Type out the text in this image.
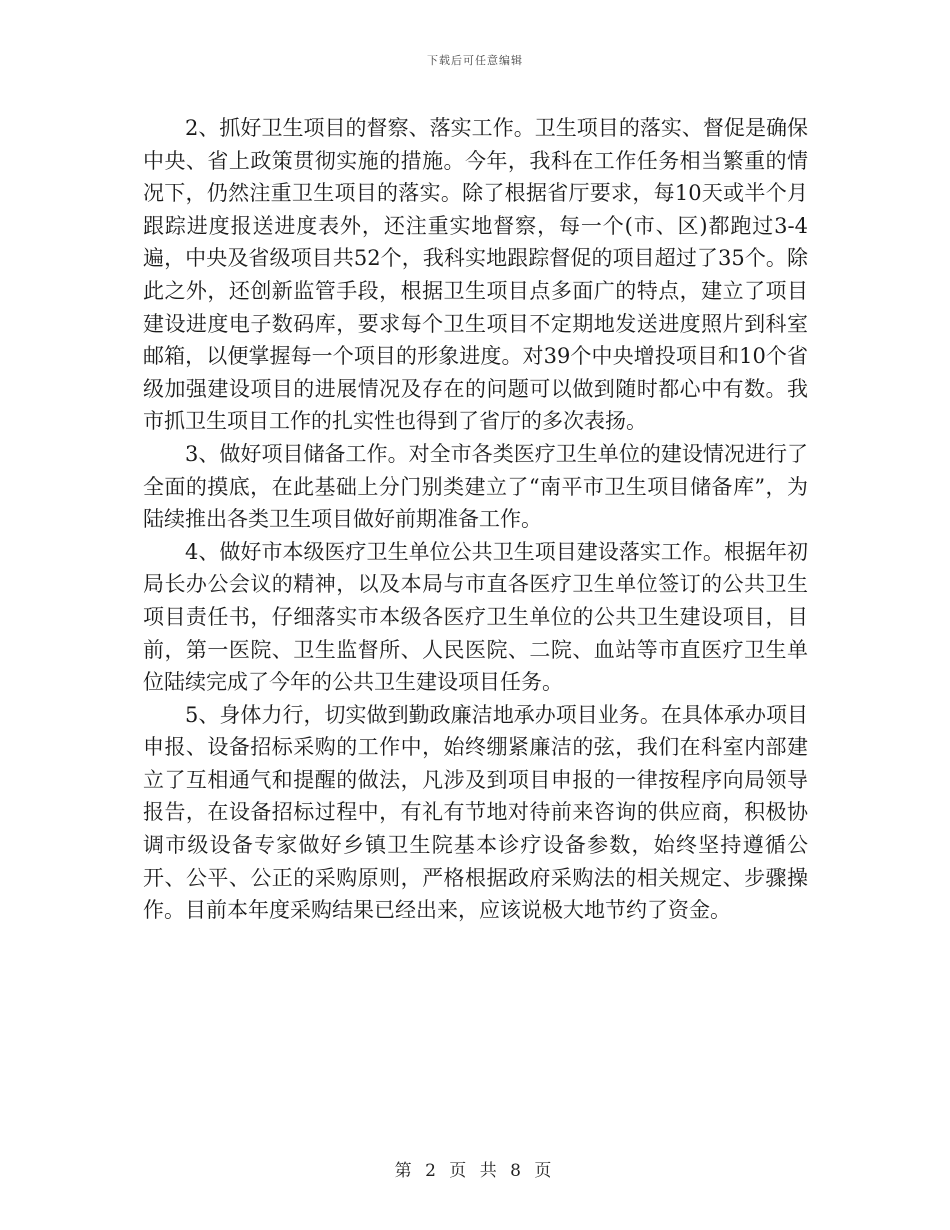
下载后可任意编辑

2、抓好卫生项目的督察、落实工作。卫生项目的落实、督促是确保中央、省上政策贯彻实施的措施。今年，我科在工作任务相当繁重的情况下，仍然注重卫生项目的落实。除了根据省厅要求，每10天或半个月跟踪进度报送进度表外，还注重实地督察，每一个(市、区)都跑过3-4遍，中央及省级项目共52个，我科实地跟踪督促的项目超过了35个。除此之外，还创新监管手段，根据卫生项目点多面广的特点，建立了项目建设进度电子数码库，要求每个卫生项目不定期地发送进度照片到科室邮箱，以便掌握每一个项目的形象进度。对39个中央增投项目和10个省级加强建设项目的进展情况及存在的问题可以做到随时都心中有数。我市抓卫生项目工作的扎实性也得到了省厅的多次表扬。

3、做好项目储备工作。对全市各类医疗卫生单位的建设情况进行了全面的摸底，在此基础上分门别类建立了“南平市卫生项目储备库”，为陆续推出各类卫生项目做好前期准备工作。

4、做好市本级医疗卫生单位公共卫生项目建设落实工作。根据年初局长办公会议的精神，以及本局与市直各医疗卫生单位签订的公共卫生项目责任书，仔细落实市本级各医疗卫生单位的公共卫生建设项目，目前，第一医院、卫生监督所、人民医院、二院、血站等市直医疗卫生单位陆续完成了今年的公共卫生建设项目任务。

5、身体力行，切实做到勤政廉洁地承办项目业务。在具体承办项目申报、设备招标采购的工作中，始终绷紧廉洁的弦，我们在科室内部建立了互相通气和提醒的做法，凡涉及到项目申报的一律按程序向局领导报告，在设备招标过程中，有礼有节地对待前来咨询的供应商，积极协调市级设备专家做好乡镇卫生院基本诊疗设备参数，始终坚持遵循公开、公平、公正的采购原则，严格根据政府采购法的相关规定、步骤操作。目前本年度采购结果已经出来，应该说极大地节约了资金。

第 2 页 共 8 页
